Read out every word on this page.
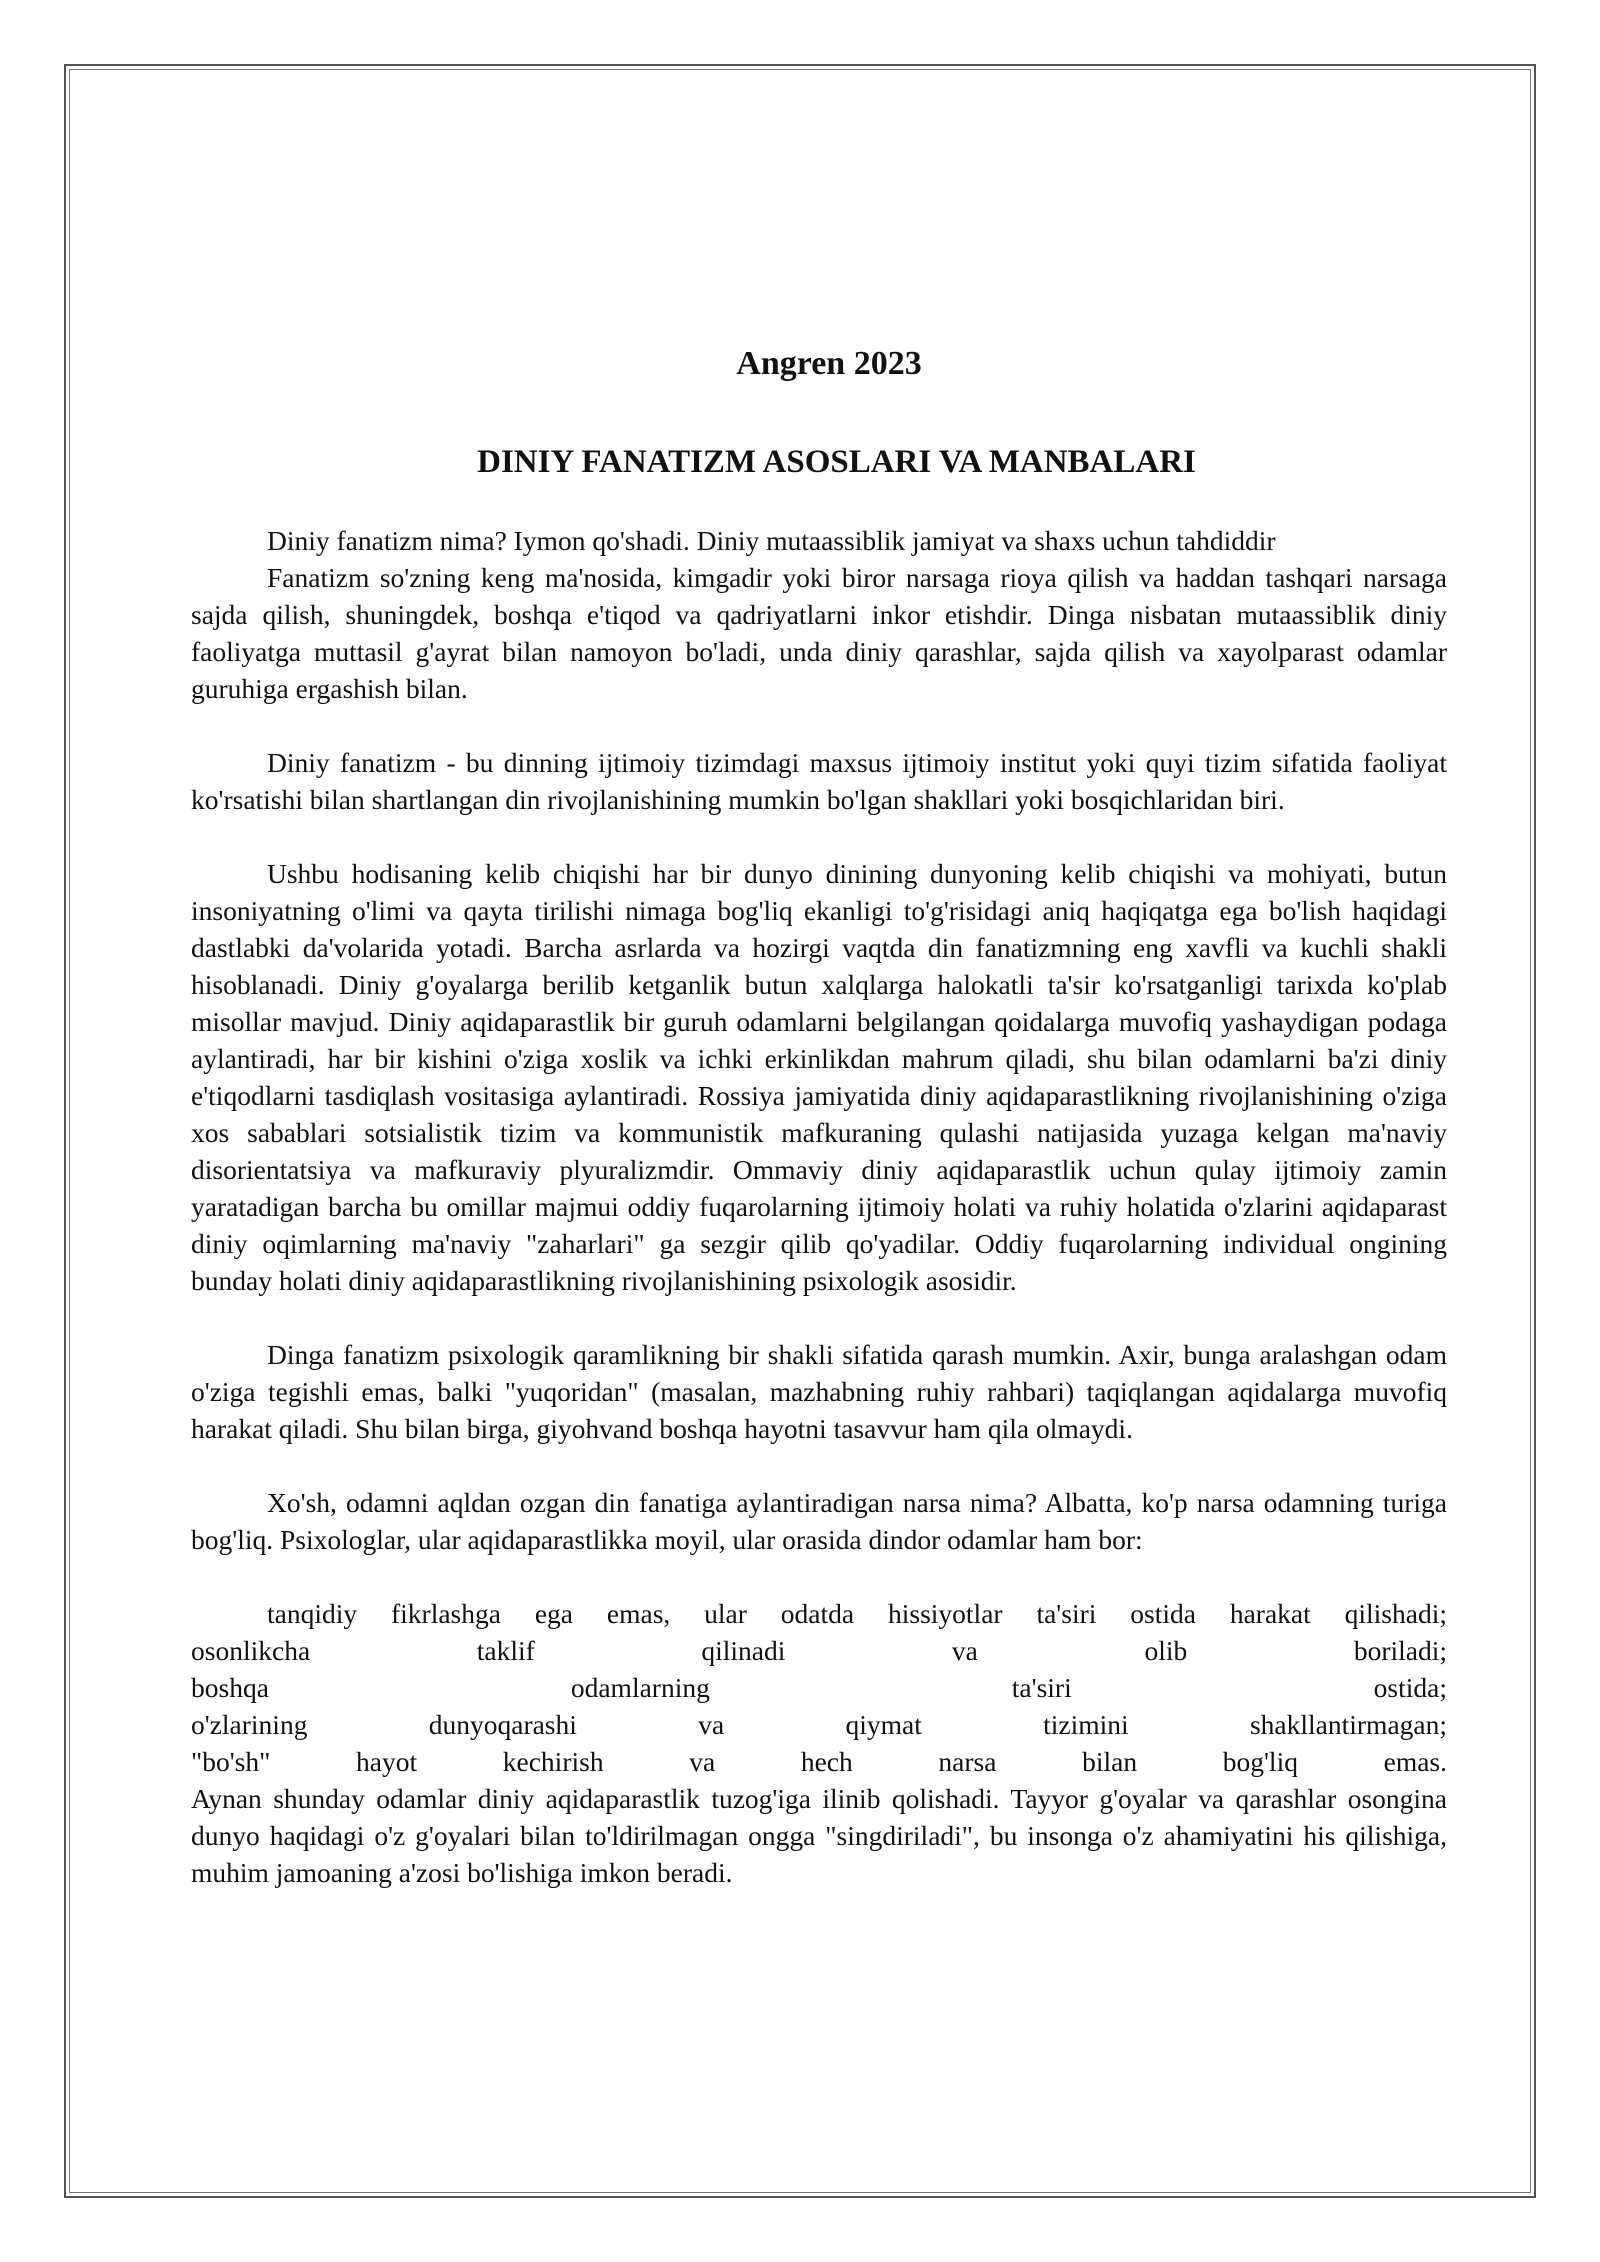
Angren 2023
DINIY FANATIZM ASOSLARI VA MANBALARI

Diniy fanatizm nima? Iymon qo'shadi. Diniy mutaassiblik jamiyat va shaxs uchun tahdiddir

Fanatizm so'zning keng ma'nosida, kimgadir yoki biror narsaga rioya qilish va haddan tashqari narsaga sajda qilish, shuningdek, boshqa e'tiqod va qadriyatlarni inkor etishdir. Dinga nisbatan mutaassiblik diniy faoliyatga muttasil g'ayrat bilan namoyon bo'ladi, unda diniy qarashlar, sajda qilish va xayolparast odamlar guruhiga ergashish bilan.

Diniy fanatizm - bu dinning ijtimoiy tizimdagi maxsus ijtimoiy institut yoki quyi tizim sifatida faoliyat ko'rsatishi bilan shartlangan din rivojlanishining mumkin bo'lgan shakllari yoki bosqichlaridan biri.

Ushbu hodisaning kelib chiqishi har bir dunyo dinining dunyoning kelib chiqishi va mohiyati, butun insoniyatning o'limi va qayta tirilishi nimaga bog'liq ekanligi to'g'risidagi aniq haqiqatga ega bo'lish haqidagi dastlabki da'volarida yotadi. Barcha asrlarda va hozirgi vaqtda din fanatizmning eng xavfli va kuchli shakli hisoblanadi. Diniy g'oyalarga berilib ketganlik butun xalqlarga halokatli ta'sir ko'rsatganligi tarixda ko'plab misollar mavjud. Diniy aqidaparastlik bir guruh odamlarni belgilangan qoidalarga muvofiq yashaydigan podaga aylantiradi, har bir kishini o'ziga xoslik va ichki erkinlikdan mahrum qiladi, shu bilan odamlarni ba'zi diniy e'tiqodlarni tasdiqlash vositasiga aylantiradi. Rossiya jamiyatida diniy aqidaparastlikning rivojlanishining o'ziga xos sabablari sotsialistik tizim va kommunistik mafkuraning qulashi natijasida yuzaga kelgan ma'naviy disorientatsiya va mafkuraviy plyuralizmdir. Ommaviy diniy aqidaparastlik uchun qulay ijtimoiy zamin yaratadigan barcha bu omillar majmui oddiy fuqarolarning ijtimoiy holati va ruhiy holatida o'zlarini aqidaparast diniy oqimlarning ma'naviy "zaharlari" ga sezgir qilib qo'yadilar. Oddiy fuqarolarning individual ongining bunday holati diniy aqidaparastlikning rivojlanishining psixologik asosidir.

Dinga fanatizm psixologik qaramlikning bir shakli sifatida qarash mumkin. Axir, bunga aralashgan odam o'ziga tegishli emas, balki "yuqoridan" (masalan, mazhabning ruhiy rahbari) taqiqlangan aqidalarga muvofiq harakat qiladi. Shu bilan birga, giyohvand boshqa hayotni tasavvur ham qila olmaydi.

Xo'sh, odamni aqldan ozgan din fanatiga aylantiradigan narsa nima? Albatta, ko'p narsa odamning turiga bog'liq. Psixologlar, ular aqidaparastlikka moyil, ular orasida dindor odamlar ham bor:

tanqidiy fikrlashga ega emas, ular odatda hissiyotlar ta'siri ostida harakat qilishadi;

osonlikcha taklif qilinadi va olib boriladi;

boshqa odamlarning ta'siri ostida;

o'zlarining dunyoqarashi va qiymat tizimini shakllantirmagan;

"bo'sh" hayot kechirish va hech narsa bilan bog'liq emas.

Aynan shunday odamlar diniy aqidaparastlik tuzog'iga ilinib qolishadi. Tayyor g'oyalar va qarashlar osongina dunyo haqidagi o'z g'oyalari bilan to'ldirilmagan ongga "singdiriladi", bu insonga o'z ahamiyatini his qilishiga, muhim jamoaning a'zosi bo'lishiga imkon beradi.
